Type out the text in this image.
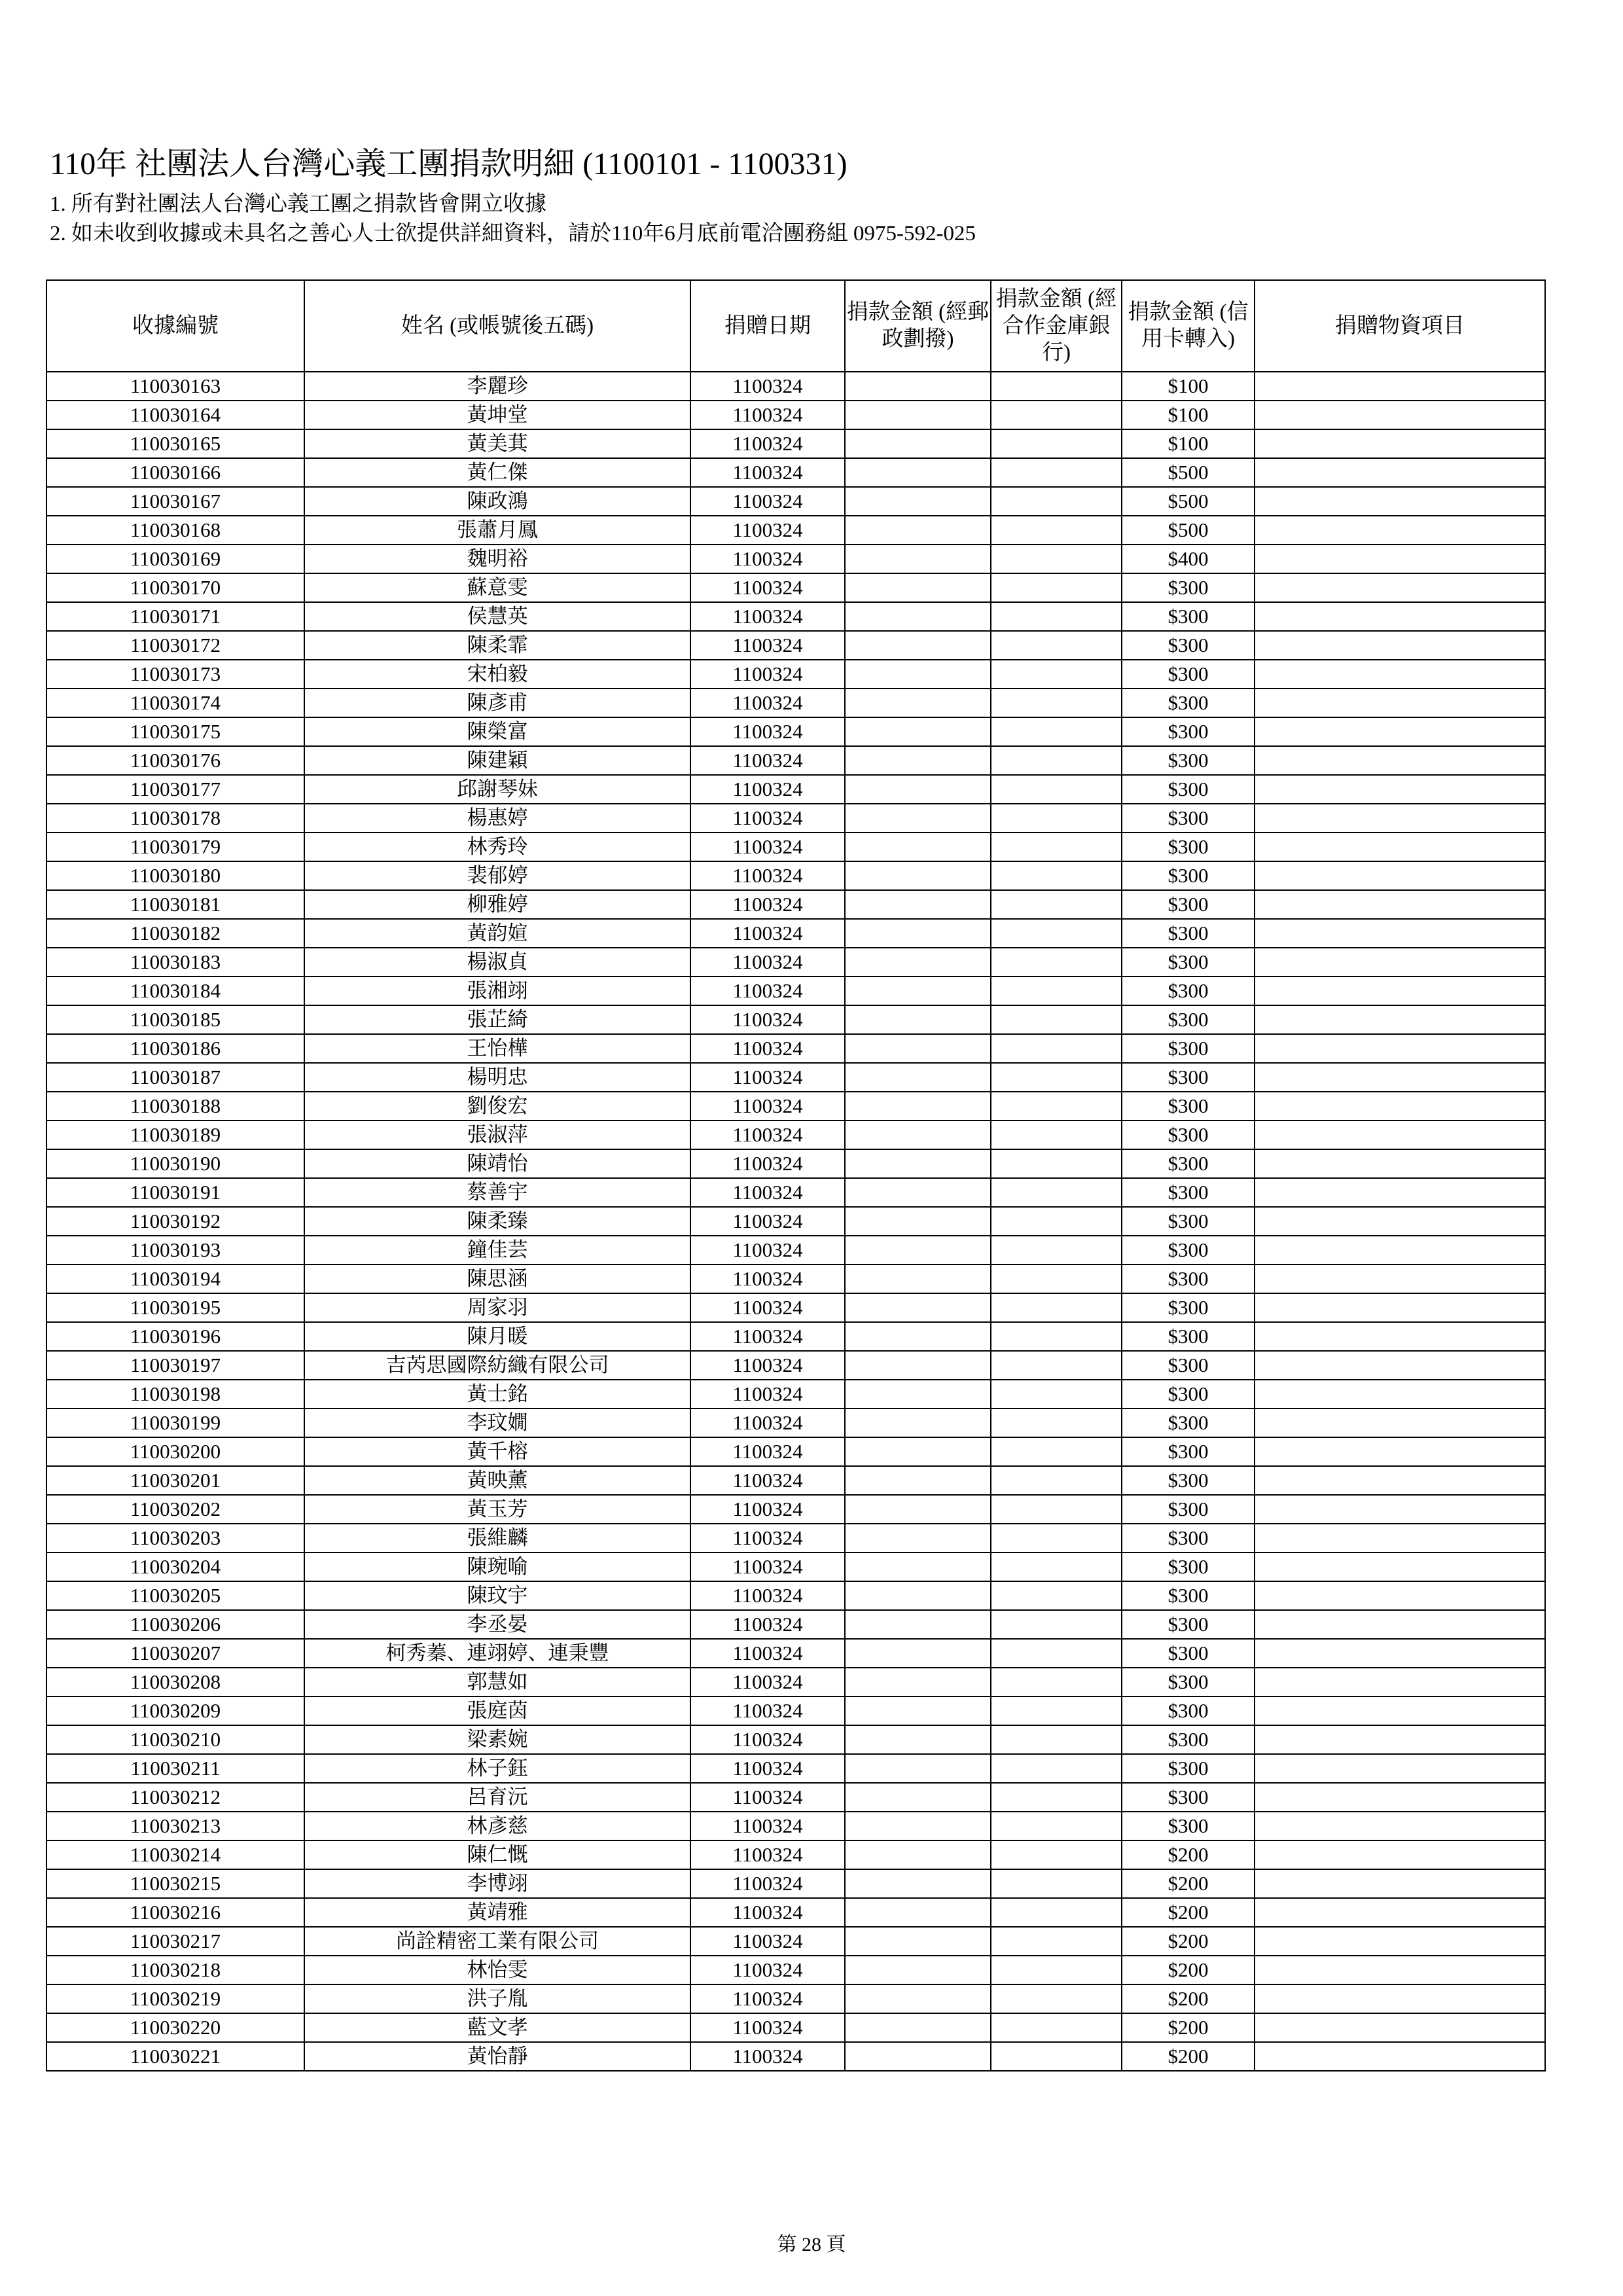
110年 社團法人台灣心義工團捐款明細 (1100101 - 1100331)
1. 所有對社團法人台灣心義工團之捐款皆會開立收據
2. 如未收到收據或未具名之善心人士欲提供詳細資料，請於110年6月底前電洽團務組 0975-592-025
收據編號	姓名 (或帳號後五碼)	捐贈日期	捐款金額 (經郵政劃撥)	捐款金額 (經合作金庫銀行)	捐款金額 (信用卡轉入)	捐贈物資項目
110030163	李麗珍	1100324			$100	
110030164	黃坤堂	1100324			$100	
110030165	黃美萁	1100324			$100	
110030166	黃仁傑	1100324			$500	
110030167	陳政鴻	1100324			$500	
110030168	張蕭月鳳	1100324			$500	
110030169	魏明裕	1100324			$400	
110030170	蘇意雯	1100324			$300	
110030171	侯慧英	1100324			$300	
110030172	陳柔霏	1100324			$300	
110030173	宋柏毅	1100324			$300	
110030174	陳彥甫	1100324			$300	
110030175	陳榮富	1100324			$300	
110030176	陳建穎	1100324			$300	
110030177	邱謝琴妹	1100324			$300	
110030178	楊惠婷	1100324			$300	
110030179	林秀玲	1100324			$300	
110030180	裴郁婷	1100324			$300	
110030181	柳雅婷	1100324			$300	
110030182	黃韵媗	1100324			$300	
110030183	楊淑貞	1100324			$300	
110030184	張湘翊	1100324			$300	
110030185	張芷綺	1100324			$300	
110030186	王怡樺	1100324			$300	
110030187	楊明忠	1100324			$300	
110030188	劉俊宏	1100324			$300	
110030189	張淑萍	1100324			$300	
110030190	陳靖怡	1100324			$300	
110030191	蔡善宇	1100324			$300	
110030192	陳柔臻	1100324			$300	
110030193	鐘佳芸	1100324			$300	
110030194	陳思涵	1100324			$300	
110030195	周家羽	1100324			$300	
110030196	陳月暖	1100324			$300	
110030197	吉芮思國際紡織有限公司	1100324			$300	
110030198	黃士銘	1100324			$300	
110030199	李玟嫺	1100324			$300	
110030200	黃千榕	1100324			$300	
110030201	黃映薰	1100324			$300	
110030202	黃玉芳	1100324			$300	
110030203	張維麟	1100324			$300	
110030204	陳琬喻	1100324			$300	
110030205	陳玟宇	1100324			$300	
110030206	李丞晏	1100324			$300	
110030207	柯秀蓁、連翊婷、連秉豐	1100324			$300	
110030208	郭慧如	1100324			$300	
110030209	張庭茵	1100324			$300	
110030210	梁素婉	1100324			$300	
110030211	林子鈺	1100324			$300	
110030212	呂育沅	1100324			$300	
110030213	林彥慈	1100324			$300	
110030214	陳仁慨	1100324			$200	
110030215	李博翊	1100324			$200	
110030216	黃靖雅	1100324			$200	
110030217	尚詮精密工業有限公司	1100324			$200	
110030218	林怡雯	1100324			$200	
110030219	洪子胤	1100324			$200	
110030220	藍文孝	1100324			$200	
110030221	黃怡靜	1100324			$200	
第 28 頁
